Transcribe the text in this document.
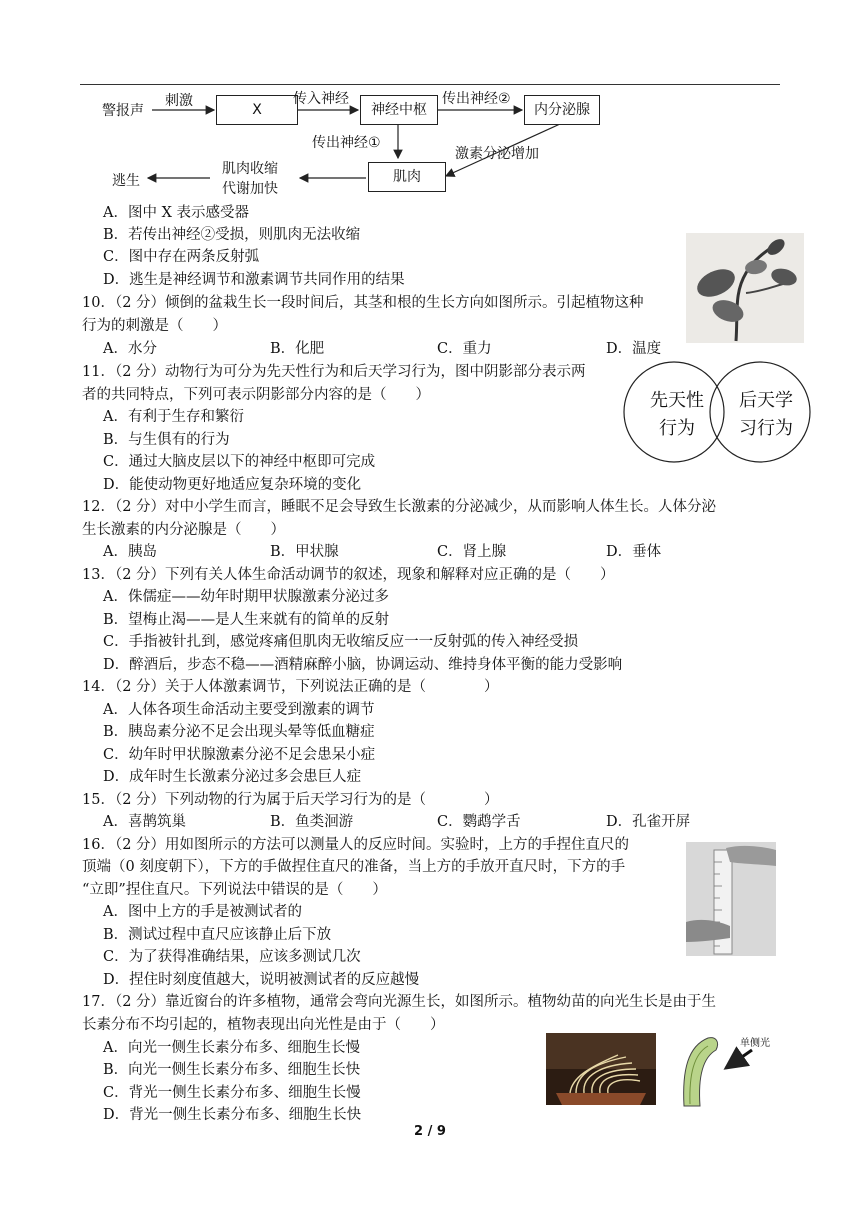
警报声
刺激
X
传入神经
神经中枢
传出神经②
内分泌腺
传出神经①
激素分泌增加
肌肉
肌肉收缩
代谢加快
逃生
A．图中 X 表示感受器
B．若传出神经②受损，则肌肉无法收缩
C．图中存在两条反射弧
D．逃生是神经调节和激素调节共同作用的结果
10．（2 分）倾倒的盆栽生长一段时间后，其茎和根的生长方向如图所示。引起植物这种
行为的刺激是（　　）
A．水分	B．化肥	C．重力	D．温度
11．（2 分）动物行为可分为先天性行为和后天学习行为，图中阴影部分表示两
者的共同特点，下列可表示阴影部分内容的是（　　）	先天性
行为
后天学
习行为
A．有利于生存和繁衍
B．与生俱有的行为
C．通过大脑皮层以下的神经中枢即可完成
D．能使动物更好地适应复杂环境的变化
12．（2 分）对中小学生而言，睡眠不足会导致生长激素的分泌减少，从而影响人体生长。人体分泌
生长激素的内分泌腺是（　　）
A．胰岛	B．甲状腺	C．肾上腺	D．垂体
13．（2 分）下列有关人体生命活动调节的叙述，现象和解释对应正确的是（　　）
A．侏儒症——幼年时期甲状腺激素分泌过多
B．望梅止渴——是人生来就有的简单的反射
C．手指被针扎到，感觉疼痛但肌肉无收缩反应一一反射弧的传入神经受损
D．醉酒后，步态不稳——酒精麻醉小脑，协调运动、维持身体平衡的能力受影响
14．（2 分）关于人体激素调节，下列说法正确的是（　　　　）
A．人体各项生命活动主要受到激素的调节
B．胰岛素分泌不足会出现头晕等低血糖症
C．幼年时甲状腺激素分泌不足会患呆小症
D．成年时生长激素分泌过多会患巨人症
15．（2 分）下列动物的行为属于后天学习行为的是（　　　　）
A．喜鹊筑巢	B．鱼类洄游	C．鹦鹉学舌	D．孔雀开屏
16．（2 分）用如图所示的方法可以测量人的反应时间。实验时，上方的手捏住直尺的
顶端（0 刻度朝下），下方的手做捏住直尺的准备，当上方的手放开直尺时，下方的手
“立即”捏住直尺。下列说法中错误的是（　　）
A．图中上方的手是被测试者的
B．测试过程中直尺应该静止后下放
C．为了获得准确结果，应该多测试几次
D．捏住时刻度值越大，说明被测试者的反应越慢
17．（2 分）靠近窗台的许多植物，通常会弯向光源生长，如图所示。植物幼苗的向光生长是由于生
长素分布不均引起的，植物表现出向光性是由于（　　）
A．向光一侧生长素分布多、细胞生长慢
B．向光一侧生长素分布多、细胞生长快
C．背光一侧生长素分布多、细胞生长慢
D．背光一侧生长素分布多、细胞生长快
单侧光
2 / 9
